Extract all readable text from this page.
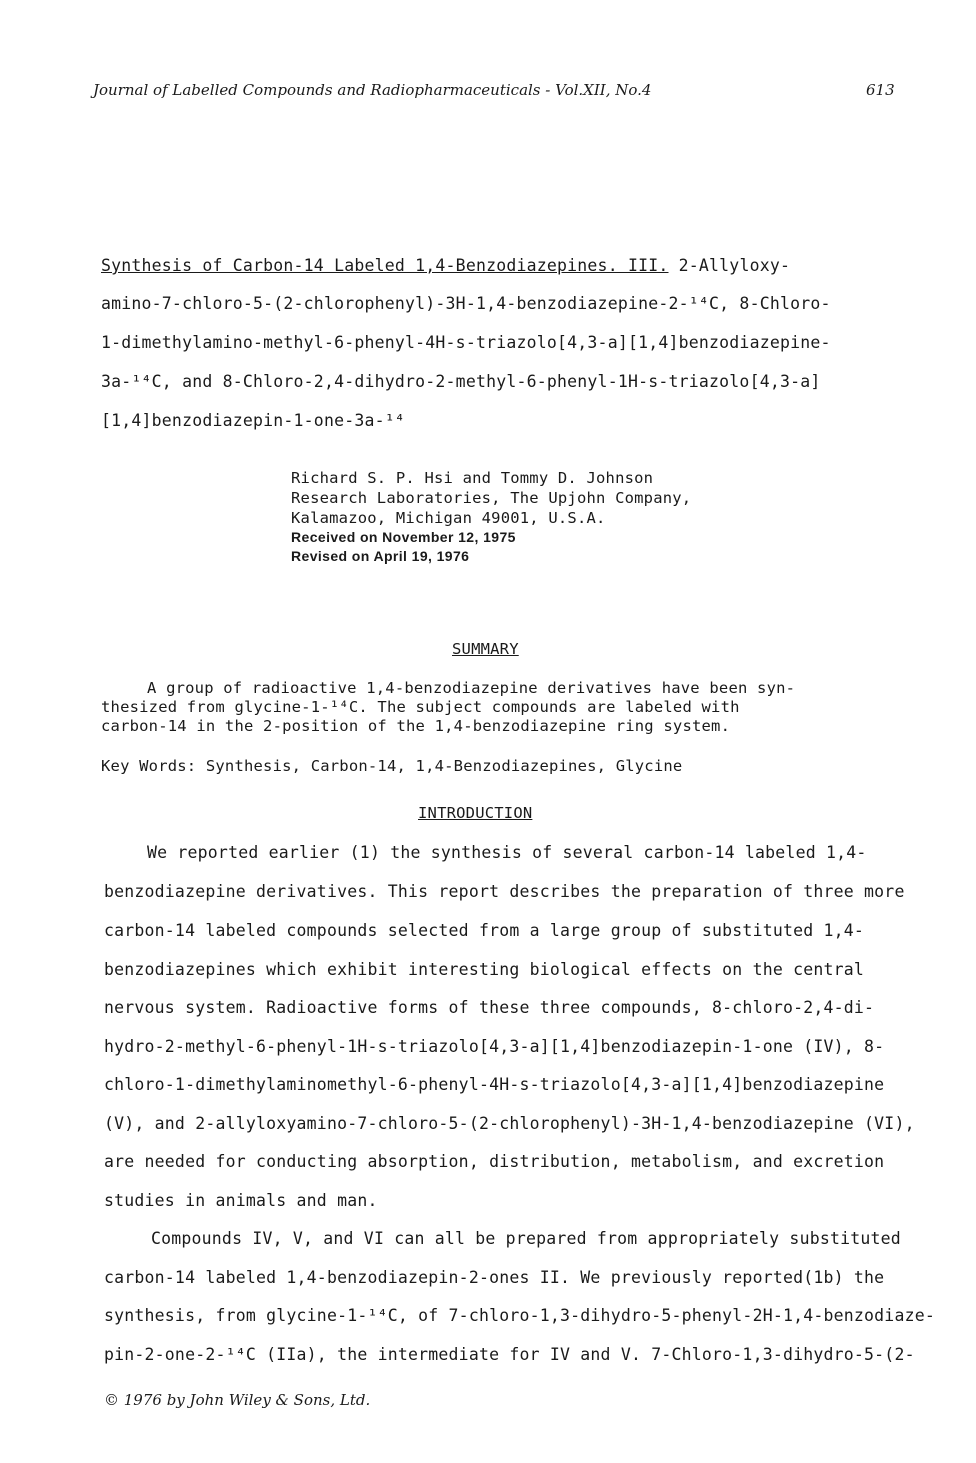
Journal of Labelled Compounds and Radiopharmaceuticals - Vol.XII, No.4	613
Synthesis of Carbon-14 Labeled 1,4-Benzodiazepines. III. 2-Allyloxy-
amino-7-chloro-5-(2-chlorophenyl)-3H-1,4-benzodiazepine-2-¹⁴C, 8-Chloro-
1-dimethylamino-methyl-6-phenyl-4H-s-triazolo[4,3-a][1,4]benzodiazepine-
3a-¹⁴C, and 8-Chloro-2,4-dihydro-2-methyl-6-phenyl-1H-s-triazolo[4,3-a]
[1,4]benzodiazepin-1-one-3a-¹⁴
Richard S. P. Hsi and Tommy D. Johnson
Research Laboratories, The Upjohn Company,
Kalamazoo, Michigan 49001, U.S.A.
Received on November 12, 1975
Revised on April 19, 1976
SUMMARY
A group of radioactive 1,4-benzodiazepine derivatives have been syn-
thesized from glycine-1-¹⁴C. The subject compounds are labeled with
carbon-14 in the 2-position of the 1,4-benzodiazepine ring system.
Key Words: Synthesis, Carbon-14, 1,4-Benzodiazepines, Glycine
INTRODUCTION
We reported earlier (1) the synthesis of several carbon-14 labeled 1,4-
benzodiazepine derivatives. This report describes the preparation of three more
carbon-14 labeled compounds selected from a large group of substituted 1,4-
benzodiazepines which exhibit interesting biological effects on the central
nervous system. Radioactive forms of these three compounds, 8-chloro-2,4-di-
hydro-2-methyl-6-phenyl-1H-s-triazolo[4,3-a][1,4]benzodiazepin-1-one (IV), 8-
chloro-1-dimethylaminomethyl-6-phenyl-4H-s-triazolo[4,3-a][1,4]benzodiazepine
(V), and 2-allyloxyamino-7-chloro-5-(2-chlorophenyl)-3H-1,4-benzodiazepine (VI),
are needed for conducting absorption, distribution, metabolism, and excretion
studies in animals and man.
Compounds IV, V, and VI can all be prepared from appropriately substituted
carbon-14 labeled 1,4-benzodiazepin-2-ones II. We previously reported(1b) the
synthesis, from glycine-1-¹⁴C, of 7-chloro-1,3-dihydro-5-phenyl-2H-1,4-benzodiaze-
pin-2-one-2-¹⁴C (IIa), the intermediate for IV and V. 7-Chloro-1,3-dihydro-5-(2-
© 1976 by John Wiley & Sons, Ltd.
